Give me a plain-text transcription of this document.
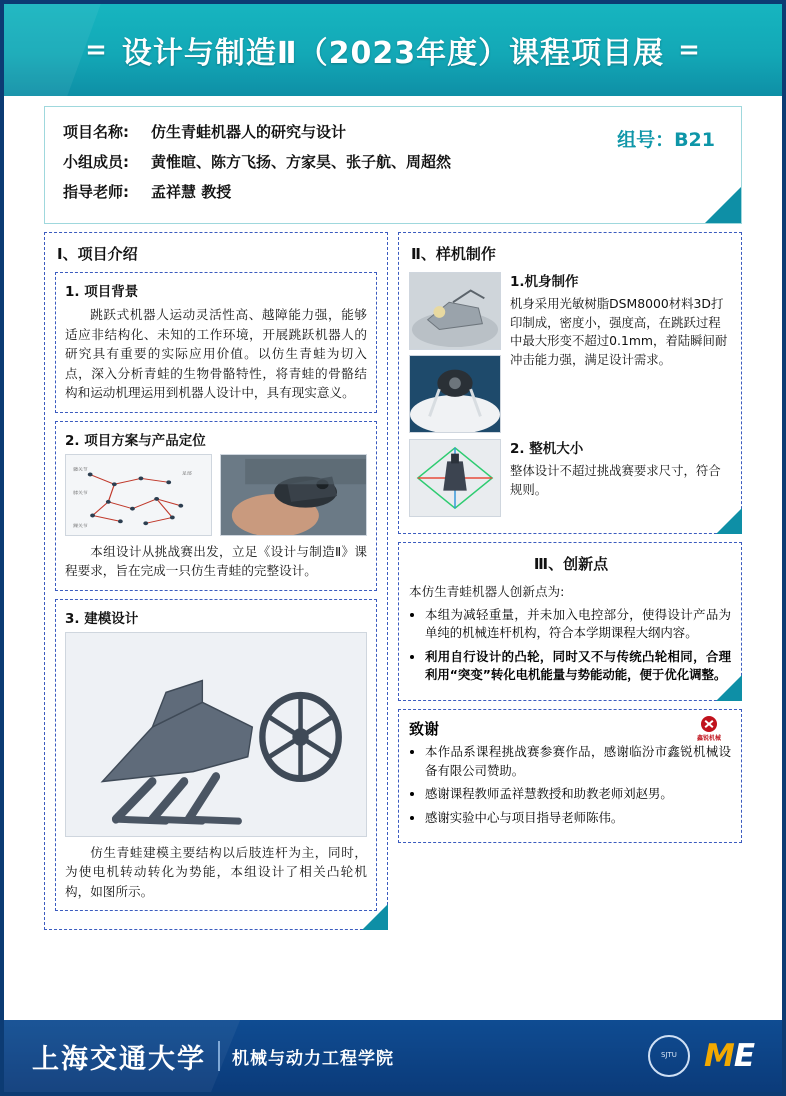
= 设计与制造Ⅱ（2023年度）课程项目展 =
组号：B21
项目名称:	仿生青蛙机器人的研究与设计
小组成员:	黄惟暄、陈方飞扬、方家昊、张子航、周超然
指导老师:	孟祥慧 教授
Ⅰ、项目介绍
1. 项目背景
跳跃式机器人运动灵活性高、越障能力强，能够适应非结构化、未知的工作环境，开展跳跃机器人的研究具有重要的实际应用价值。以仿生青蛙为切入点，深入分析青蛙的生物骨骼特性，将青蛙的骨骼结构和运动机理运用到机器人设计中，具有现实意义。
2. 项目方案与产品定位
髋关节
膝关节
踝关节
足部
本组设计从挑战赛出发，立足《设计与制造Ⅱ》课程要求，旨在完成一只仿生青蛙的完整设计。
3. 建模设计
仿生青蛙建模主要结构以后肢连杆为主，同时，为使电机转动转化为势能，本组设计了相关凸轮机构，如图所示。
Ⅱ、样机制作
1.机身制作
机身采用光敏树脂DSM8000材料3D打印制成，密度小，强度高，在跳跃过程中最大形变不超过0.1mm，着陆瞬间耐冲击能力强，满足设计需求。
2. 整机大小
整体设计不超过挑战赛要求尺寸，符合规则。
Ⅲ、创新点
本仿生青蛙机器人创新点为:
• 本组为减轻重量，并未加入电控部分，使得设计产品为单纯的机械连杆机构，符合本学期课程大纲内容。
• 利用自行设计的凸轮，同时又不与传统凸轮相同，合理利用“突变”转化电机能量与势能动能，便于优化调整。
鑫锐机械
致谢
• 本作品系课程挑战赛参赛作品，感谢临汾市鑫锐机械设备有限公司赞助。
• 感谢课程教师孟祥慧教授和助教老师刘赵男。
• 感谢实验中心与项目指导老师陈伟。
上海交通大学 机械与动力工程学院	SJTU ME
